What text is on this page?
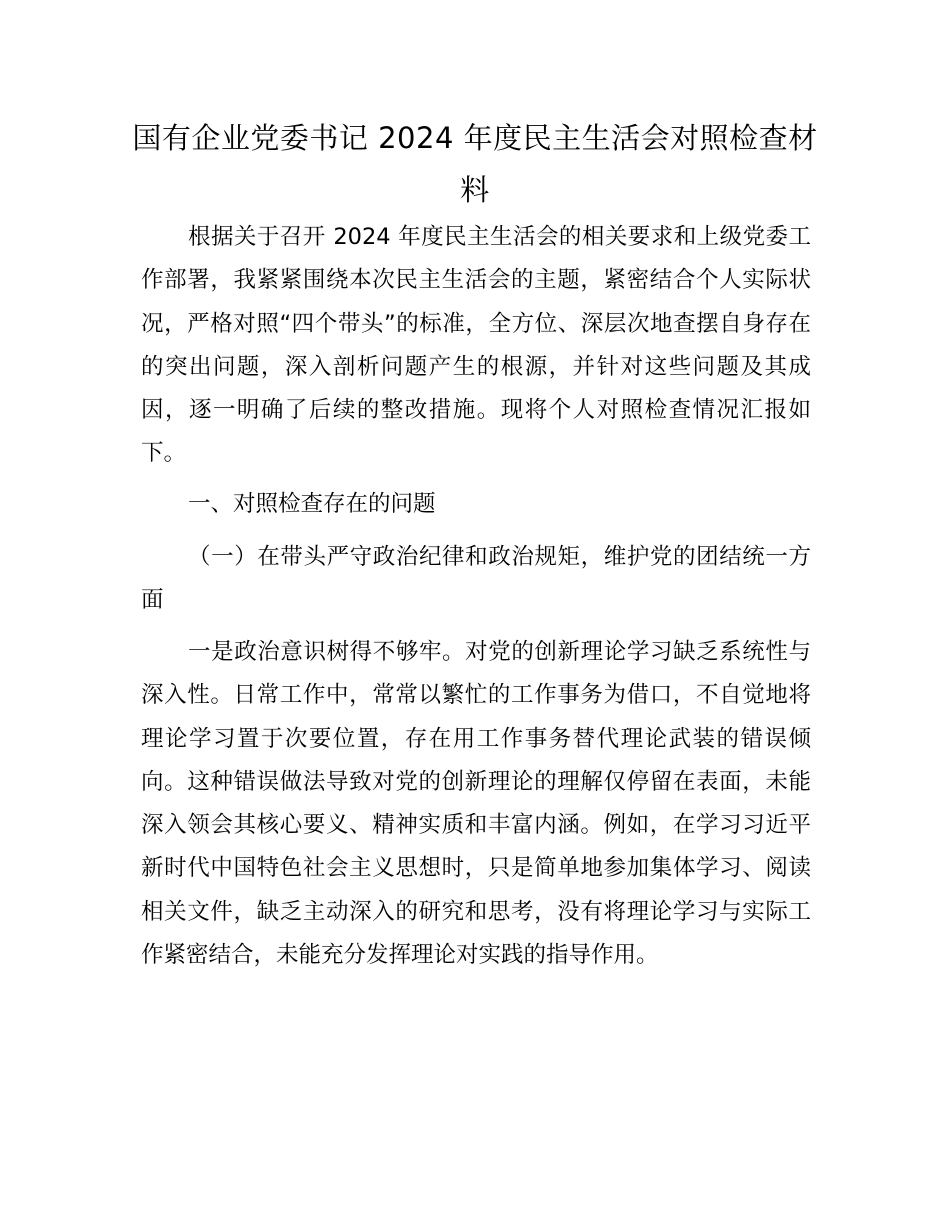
国有企业党委书记 2024 年度民主生活会对照检查材料

根据关于召开 2024 年度民主生活会的相关要求和上级党委工作部署，我紧紧围绕本次民主生活会的主题，紧密结合个人实际状况，严格对照“四个带头”的标准，全方位、深层次地查摆自身存在的突出问题，深入剖析问题产生的根源，并针对这些问题及其成因，逐一明确了后续的整改措施。现将个人对照检查情况汇报如下。

一、对照检查存在的问题

（一）在带头严守政治纪律和政治规矩，维护党的团结统一方面

一是政治意识树得不够牢。对党的创新理论学习缺乏系统性与深入性。日常工作中，常常以繁忙的工作事务为借口，不自觉地将理论学习置于次要位置，存在用工作事务替代理论武装的错误倾向。这种错误做法导致对党的创新理论的理解仅停留在表面，未能深入领会其核心要义、精神实质和丰富内涵。例如，在学习习近平新时代中国特色社会主义思想时，只是简单地参加集体学习、阅读相关文件，缺乏主动深入的研究和思考，没有将理论学习与实际工作紧密结合，未能充分发挥理论对实践的指导作用。
